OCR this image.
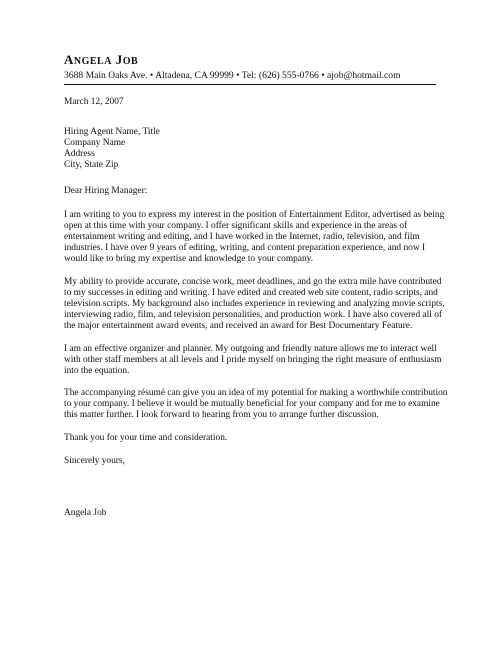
ANGELA JOB

3688 Main Oaks Ave. • Altadena, CA 99999 • Tel: (626) 555-0766 • ajob@hotmail.com

March 12, 2007

Hiring Agent Name, Title
Company Name
Address
City, State Zip

Dear Hiring Manager:

I am writing to you to express my interest in the position of Entertainment Editor, advertised as being
open at this time with your company. I offer significant skills and experience in the areas of
entertainment writing and editing, and I have worked in the Internet, radio, television, and film
industries. I have over 9 years of editing, writing, and content preparation experience, and now I
would like to bring my expertise and knowledge to your company.

My ability to provide accurate, concise work, meet deadlines, and go the extra mile have contributed
to my successes in editing and writing. I have edited and created web site content, radio scripts, and
television scripts. My background also includes experience in reviewing and analyzing movie scripts,
interviewing radio, film, and television personalities, and production work. I have also covered all of
the major entertainment award events, and received an award for Best Documentary Feature.

I am an effective organizer and planner. My outgoing and friendly nature allows me to interact well
with other staff members at all levels and I pride myself on bringing the right measure of enthusiasm
into the equation.

The accompanying résumé can give you an idea of my potential for making a worthwhile contribution
to your company. I believe it would be mutually beneficial for your company and for me to examine
this matter further. I look forward to hearing from you to arrange further discussion.

Thank you for your time and consideration.

Sincerely yours,

Angela Job
